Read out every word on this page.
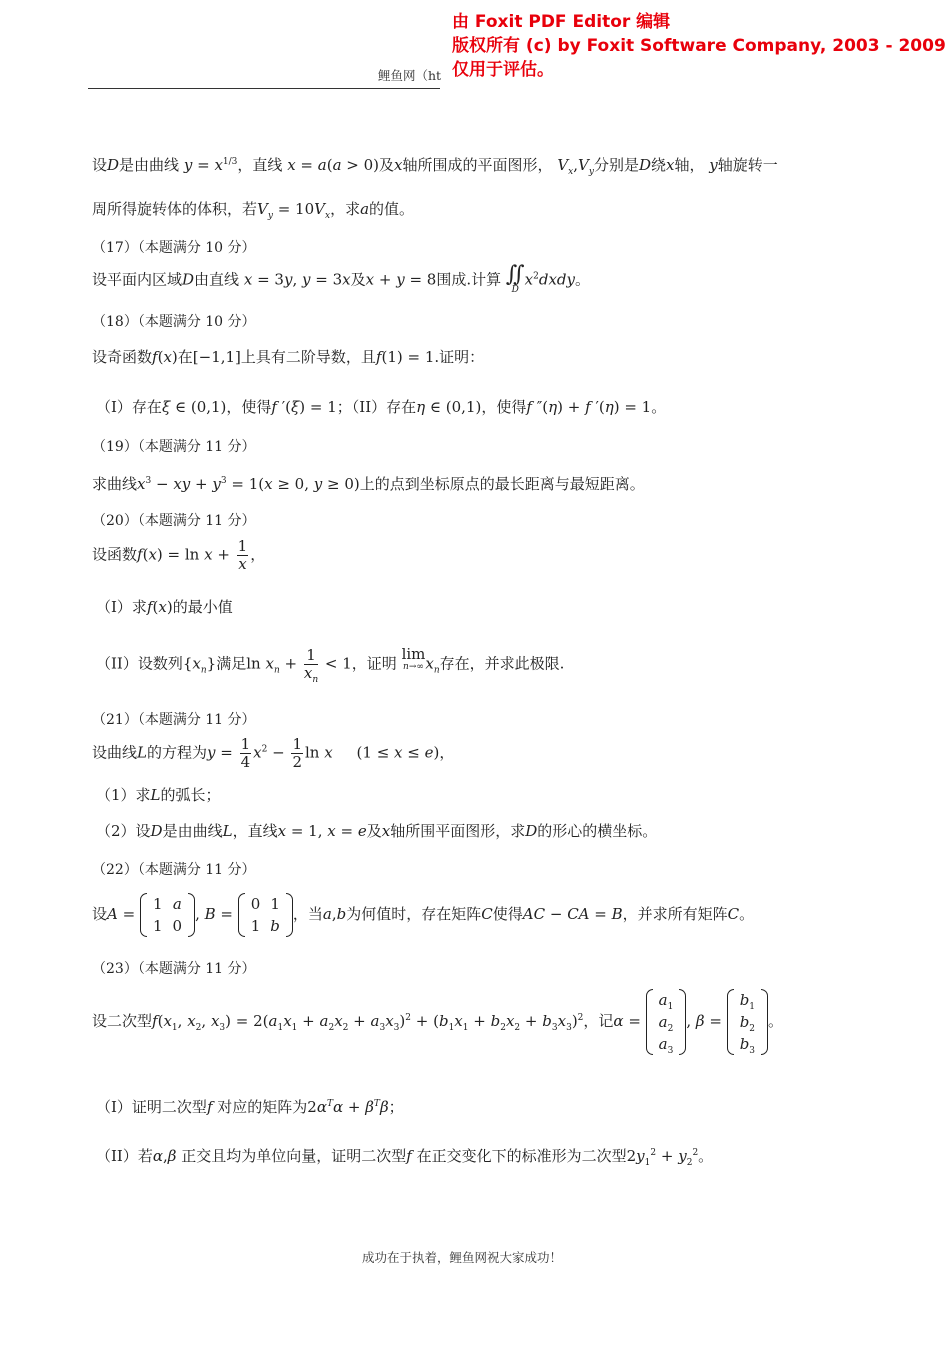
鲤鱼网（ht
由 Foxit PDF Editor 编辑
版权所有 (c) by Foxit Software Company, 2003 - 2009
仅用于评估。
设D是由曲线 $y = x^{1/3}$，直线 x = a(a > 0)及x轴所围成的平面图形， $V_x,V_y$分别是D绕x轴， y轴旋转一
周所得旋转体的体积，若$V_y = 10V_x$，求a的值。
（17）（本题满分 10 分）
设平面内区域D由直线 x = 3y, y = 3x及x + y = 8围成.计算 ∬
D
$x^2dxdy$。
（18）（本题满分 10 分）
设奇函数f(x)在[−1,1]上具有二阶导数，且f(1) = 1.证明：
（I）存在ξ ∈ (0,1)，使得f ′(ξ) = 1；（II）存在η ∈ (0,1)，使得f ″(η) + f ′(η) = 1。
（19）（本题满分 11 分）
求曲线$x^3$ − xy + $y^3 = 1(x \ge 0$, y ≥ 0)上的点到坐标原点的最长距离与最短距离。
（20）（本题满分 11 分）
设函数$f(x) = \ln x + \frac{1}{x}$ ，
（I）求f(x)的最小值
（II）设数列$\{x_n\}$满足$\ln x_n + \frac{1}{x_n} < 1$，证明 lim
n→∞ $x_n$存在，并求此极限.
（21）（本题满分 11 分）
设曲线L的方程为$y = \frac{1}{4} x^2 - \frac{1}{2}$ ln x     (1 ≤ x ≤ e)，
（1）求L的弧长；
（2）设D是由曲线L，直线x = 1, x = e及x轴所围平面图形，求D的形心的横坐标。
（22）（本题满分 11 分）
设A =
1	a
1	0
, B =
0	1
1	b
，当a,b为何值时，存在矩阵C使得AC − CA = B，并求所有矩阵C。
（23）（本题满分 11 分）
设二次型$f(x_1$, $x_2$, $x_3) = 2(a_1x_1 + a_2x_2 + a_3x_3)^2 + (b_1x_1 + b_2x_2 + b_3x_3)^2$，记α =
$a_1$
$a_2$
$a_3$
, β =
$b_1$
$b_2$
$b_3$
。
（I）证明二次型f 对应的矩阵为$2\alpha^T\alpha + \beta^T\beta$；
（II）若α,β 正交且均为单位向量，证明二次型f 在正交变化下的标准形为二次型$2y_1^2 + y_2^2$。
成功在于执着，鲤鱼网祝大家成功！
